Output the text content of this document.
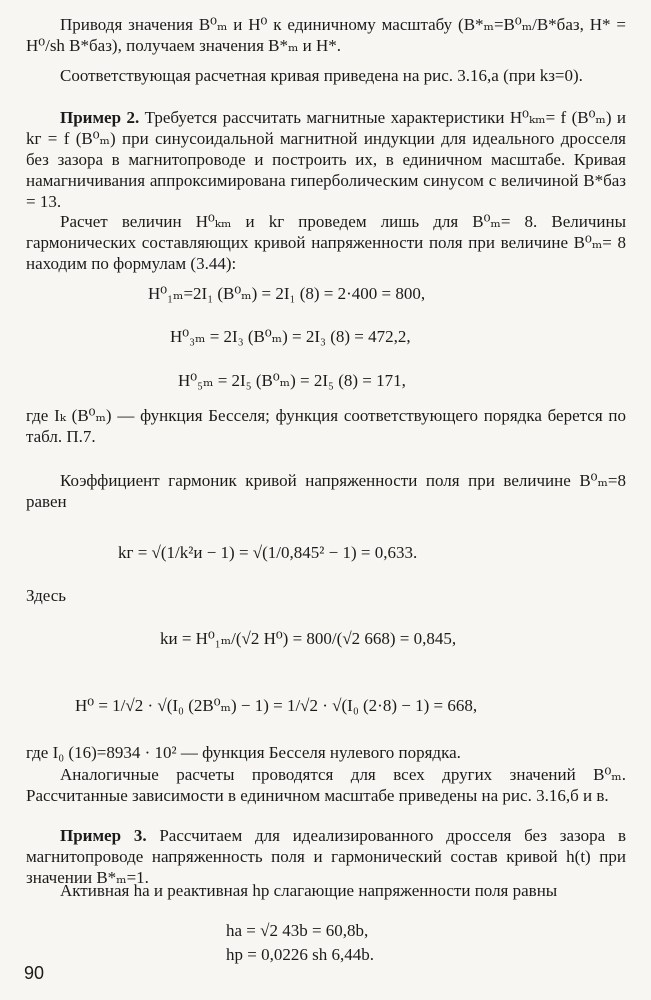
Приводя значения B⁰ₘ и H⁰ к единичному масштабу (B*ₘ=B⁰ₘ/B*баз, H* = H⁰/sh B*баз), получаем значения B*ₘ и H*.

Соответствующая расчетная кривая приведена на рис. 3.16,а (при kз=0).

Пример 2. Требуется рассчитать магнитные характеристики H⁰ₖₘ= f (B⁰ₘ) и kг = f (B⁰ₘ) при синусоидальной магнитной индукции для идеального дросселя без зазора в магнитопроводе и построить их, в единичном масштабе. Кривая намагничивания аппроксимирована гиперболическим синусом с величиной B*баз = 13.

Расчет величин H⁰ₖₘ и kг проведем лишь для B⁰ₘ= 8. Величины гармонических составляющих кривой напряженности поля при величине B⁰ₘ= 8 находим по формулам (3.44):

H⁰₁ₘ=2I₁ (B⁰ₘ) = 2I₁ (8) = 2·400 = 800,

H⁰₃ₘ = 2I₃ (B⁰ₘ) = 2I₃ (8) = 472,2,

H⁰₅ₘ = 2I₅ (B⁰ₘ) = 2I₅ (8) = 171,

где Iₖ (B⁰ₘ) — функция Бесселя; функция соответствующего порядка берется по табл. П.7.

Коэффициент гармоник кривой напряженности поля при величине B⁰ₘ=8 равен

kг = √(1/k²и − 1) = √(1/0,845² − 1) = 0,633.

Здесь

kи = H⁰₁ₘ/(√2 H⁰) = 800/(√2 668) = 0,845,

H⁰ = 1/√2 · √(I₀ (2B⁰ₘ) − 1) = 1/√2 · √(I₀ (2·8) − 1) = 668,

где I₀ (16)=8934 · 10² — функция Бесселя нулевого порядка.

Аналогичные расчеты проводятся для всех других значений B⁰ₘ. Рассчитанные зависимости в единичном масштабе приведены на рис. 3.16,б и в.

Пример 3. Рассчитаем для идеализированного дросселя без зазора в магнитопроводе напряженность поля и гармонический состав кривой h(t) при значении B*ₘ=1.

Активная hа и реактивная hр слагающие напряженности поля равны

hа = √2 43b = 60,8b,

hр = 0,0226 sh 6,44b.

90
